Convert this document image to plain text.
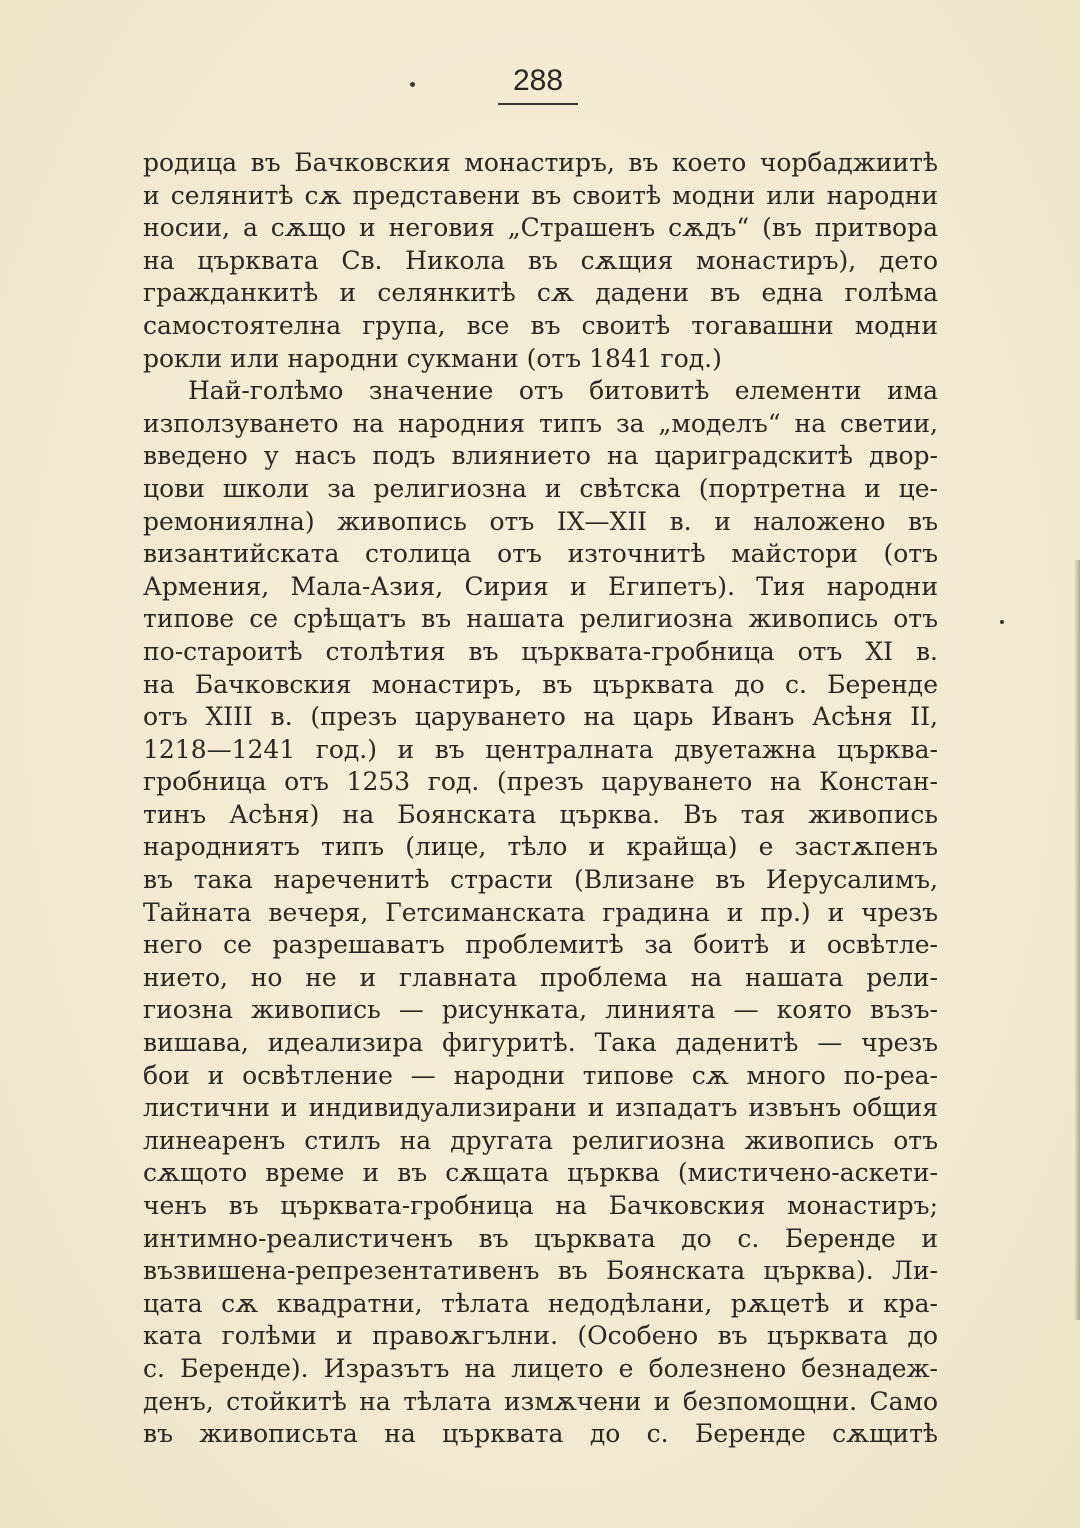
288
родица въ Бачковския монастиръ, въ което чорбаджиитѣ
и селянитѣ сѫ представени въ своитѣ модни или народни
носии, а сѫщо и неговия „Страшенъ сѫдъ“ (въ притвора
на църквата Св. Никола въ сѫщия монастиръ), дето
гражданкитѣ и селянкитѣ сѫ дадени въ една голѣма
самостоятелна група, все въ своитѣ тогавашни модни
рокли или народни сукмани (отъ 1841 год.)
Най-голѣмо значение отъ битовитѣ елементи има
използуването на народния типъ за „моделъ“ на светии,
введено у насъ подъ влиянието на цариградскитѣ двор-
цови школи за религиозна и свѣтска (портретна и це-
ремониялна) живопись отъ IX—XII в. и наложено въ
византийската столица отъ източнитѣ майстори (отъ
Армения, Мала-Азия, Сирия и Египетъ). Тия народни
типове се срѣщатъ въ нашата религиозна живопись отъ
по-староитѣ столѣтия въ църквата-гробница отъ XI в.
на Бачковския монастиръ, въ църквата до с. Беренде
отъ XIII в. (презъ царуването на царь Иванъ Асѣня II,
1218—1241 год.) и въ централната двуетажна църква-
гробница отъ 1253 год. (презъ царуването на Констан-
тинъ Асѣня) на Боянската църква. Въ тая живопись
народниятъ типъ (лице, тѣло и крайща) е застѫпенъ
въ така нареченитѣ страсти (Влизане въ Иерусалимъ,
Тайната вечеря, Гетсиманската градина и пр.) и чрезъ
него се разрешаватъ проблемитѣ за боитѣ и освѣтле-
нието, но не и главната проблема на нашата рели-
гиозна живопись — рисунката, линията — която възъ-
вишава, идеализира фигуритѣ. Така даденитѣ — чрезъ
бои и освѣтление — народни типове сѫ много по-реа-
листични и индивидуализирани и изпадатъ извънъ общия
линеаренъ стилъ на другата религиозна живопись отъ
сѫщото време и въ сѫщата църква (мистичено-аскети-
ченъ въ църквата-гробница на Бачковския монастиръ;
интимно-реалистиченъ въ църквата до с. Беренде и
възвишена-репрезентативенъ въ Боянската църква). Ли-
цата сѫ квадратни, тѣлата недодѣлани, рѫцетѣ и кра-
ката голѣми и правоѫгълни. (Особено въ църквата до
с. Беренде). Изразътъ на лицето е болезнено безнадеж-
денъ, стойкитѣ на тѣлата измѫчени и безпомощни. Само
въ живописьта на църквата до с. Беренде сѫщитѣ
